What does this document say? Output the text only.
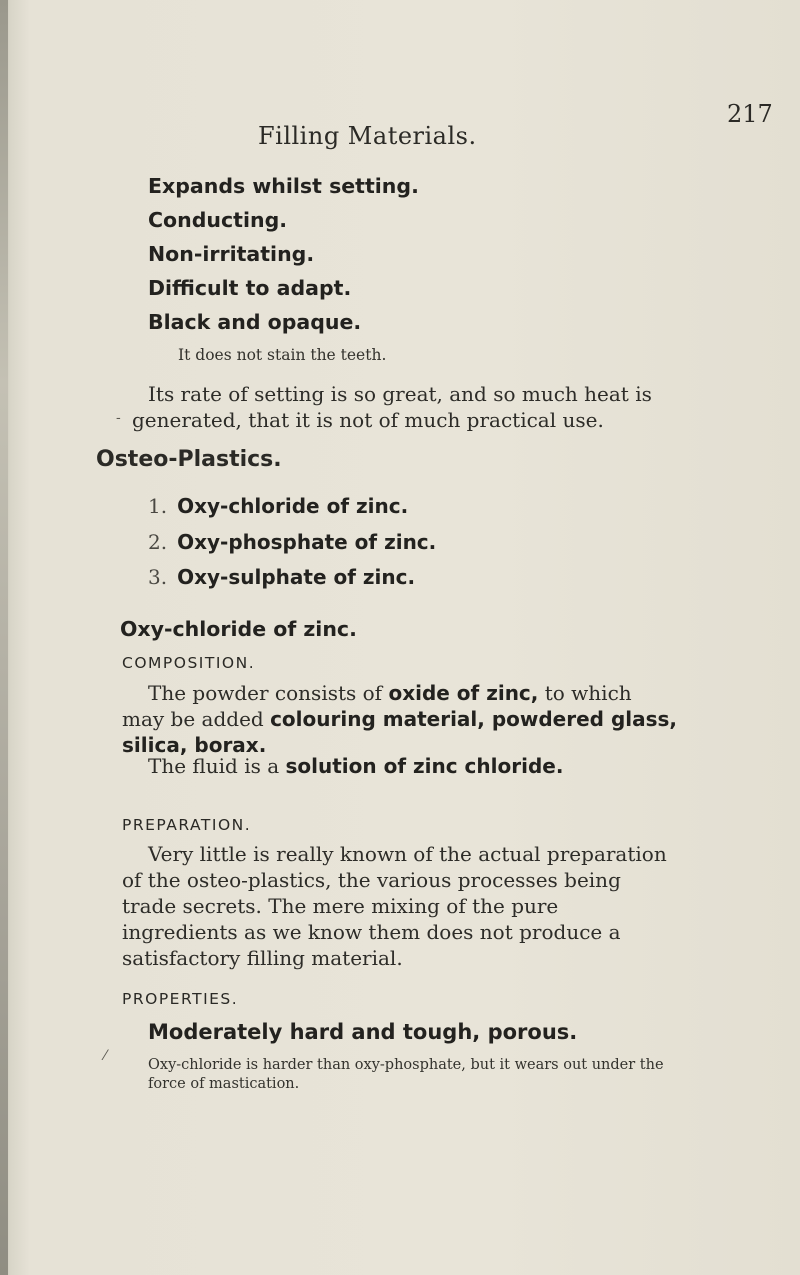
Filling Materials.
217
Expands whilst setting.
Conducting.
Non-irritating.
Difficult to adapt.
Black and opaque.
It does not stain the teeth.
Its rate of setting is so great, and so much heat is
- generated, that it is not of much practical use.
Osteo-Plastics.
1. Oxy-chloride of zinc.
2. Oxy-phosphate of zinc.
3. Oxy-sulphate of zinc.
Oxy-chloride of zinc.
COMPOSITION.
The powder consists of oxide of zinc, to which
may be added colouring material, powdered glass,
silica, borax.
The fluid is a solution of zinc chloride.
PREPARATION.
Very little is really known of the actual preparation
of the osteo-plastics, the various processes being
trade secrets. The mere mixing of the pure
ingredients as we know them does not produce a
satisfactory filling material.
PROPERTIES.
⁄
Moderately hard and tough, porous.
Oxy-chloride is harder than oxy-phosphate, but it wears out under the force of mastication.
